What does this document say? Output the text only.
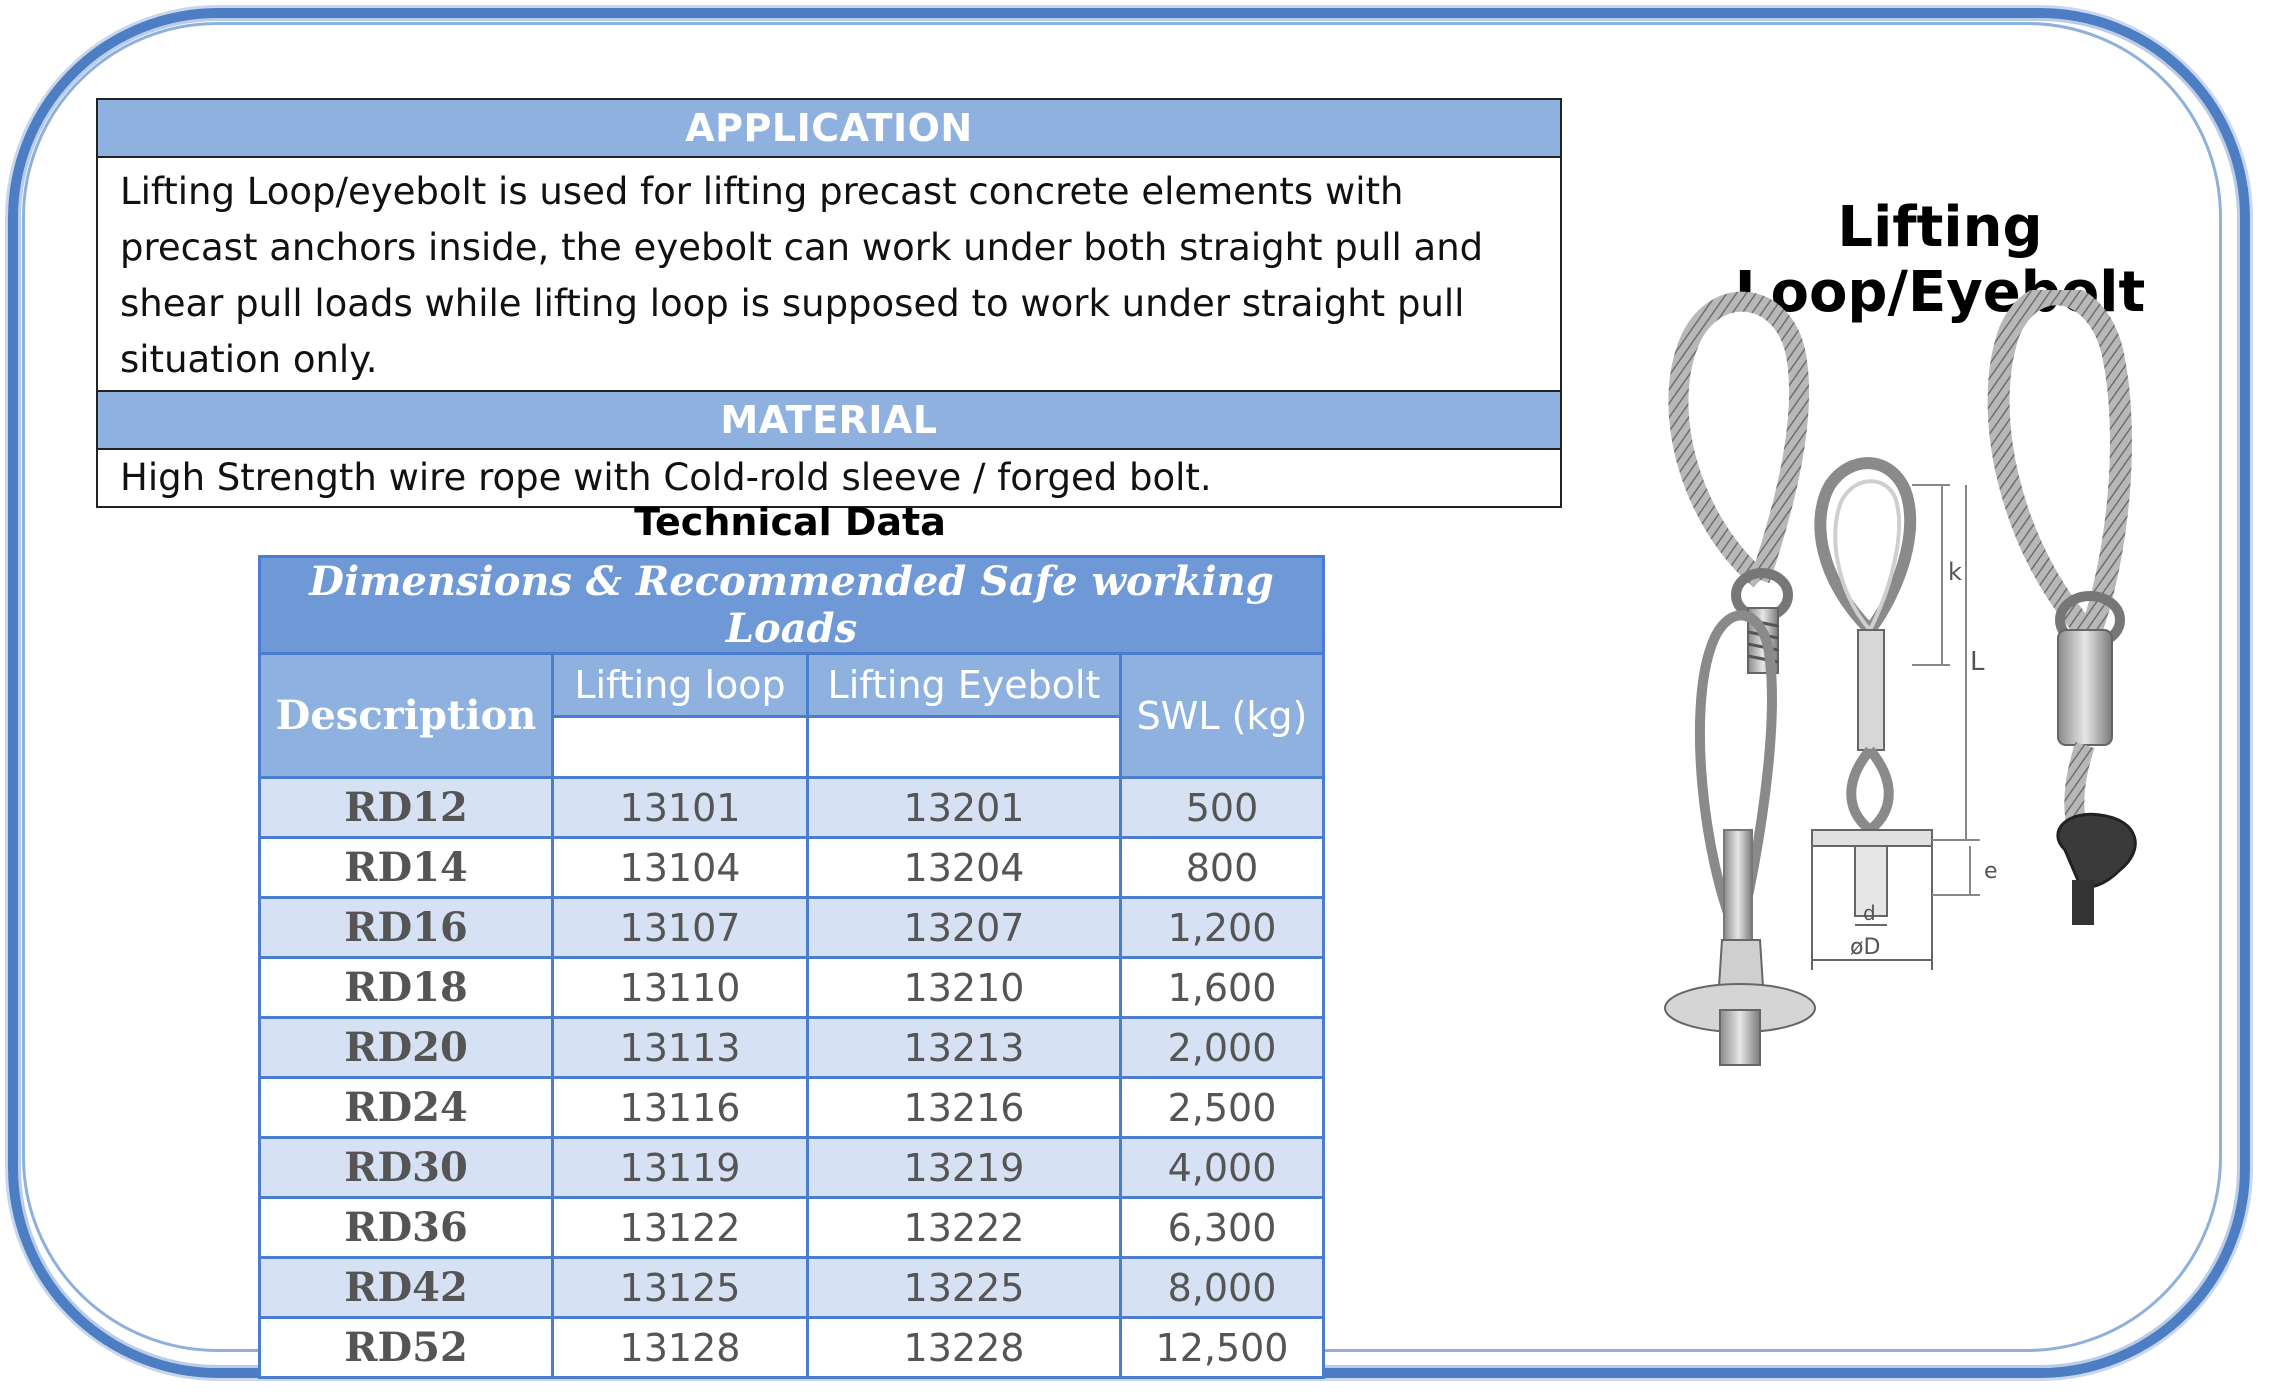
APPLICATION

Lifting Loop/eyebolt is used for lifting precast concrete elements with
precast anchors inside, the eyebolt can work under both straight pull and
shear pull loads while lifting loop is supposed to work under straight pull
situation only.

MATERIAL
High Strength wire rope with Cold-rold sleeve / forged bolt.
Technical Data
Dimensions & Recommended Safe working Loads			
Description	Lifting loop	Lifting Eyebolt	SWL (kg)

RD12	13101	13201	500
RD14	13104	13204	800
RD16	13107	13207	1,200
RD18	13110	13210	1,600
RD20	13113	13213	2,000
RD24	13116	13216	2,500
RD30	13119	13219	4,000
RD36	13122	13222	6,300
RD42	13125	13225	8,000
RD52	13128	13228	12,500
Lifting Loop/Eyebolt
k
L
e
d
øD
